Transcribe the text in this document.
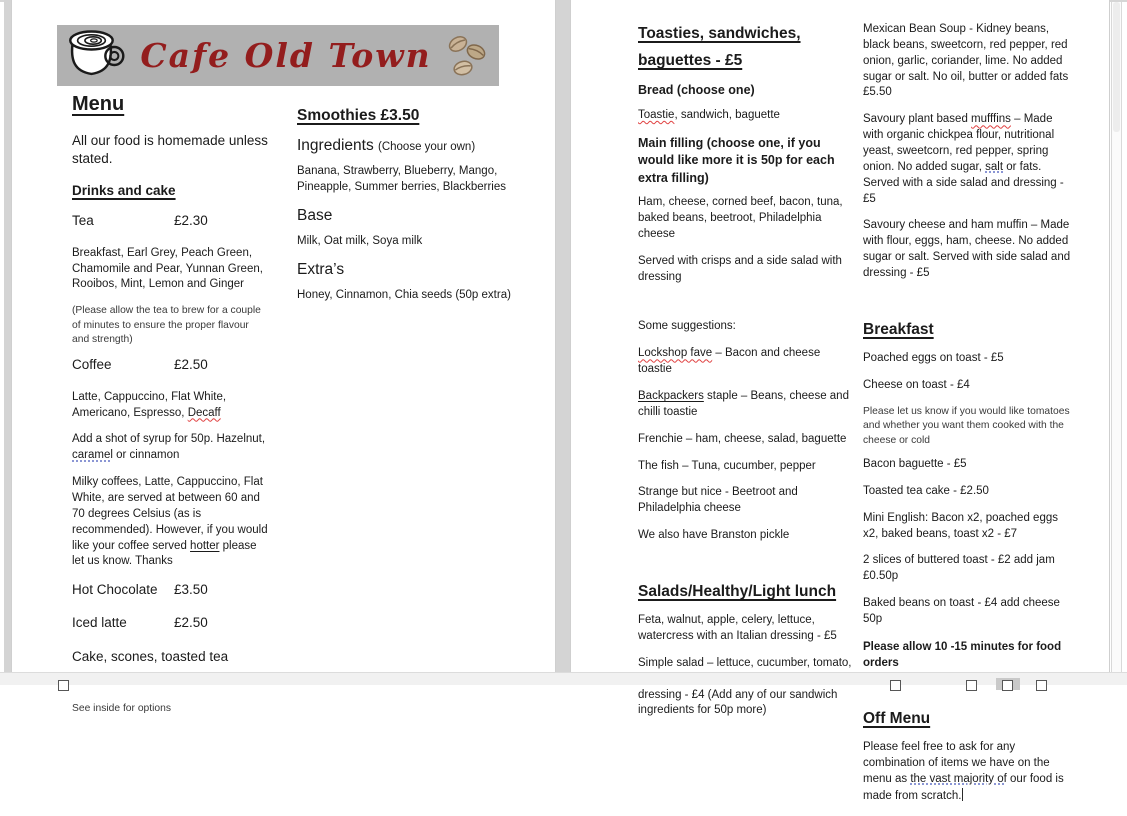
Cafe Old Town
Menu
All our food is homemade unless stated.
Drinks and cake
Tea	£2.30
Breakfast, Earl Grey, Peach Green, Chamomile and Pear, Yunnan Green, Rooibos, Mint, Lemon and Ginger
(Please allow the tea to brew for a couple of minutes to ensure the proper flavour and strength)
Coffee	£2.50
Latte, Cappuccino, Flat White, Americano, Espresso, Decaff
Add a shot of syrup for 50p. Hazelnut, caramel or cinnamon
Milky coffees, Latte, Cappuccino, Flat White, are served at between 60 and 70 degrees Celsius (as is recommended). However, if you would like your coffee served hotter please let us know. Thanks
Hot Chocolate £3.50
Iced latte	£2.50
Cake, scones, toasted tea
See inside for options
Smoothies £3.50
Ingredients (Choose your own)
Banana, Strawberry, Blueberry, Mango, Pineapple, Summer berries, Blackberries
Base
Milk, Oat milk, Soya milk
Extra’s
Honey, Cinnamon, Chia seeds (50p extra)
Toasties, sandwiches, baguettes - £5
Bread (choose one)
Toastie, sandwich, baguette
Main filling (choose one, if you would like more it is 50p for each extra filling)
Ham, cheese, corned beef, bacon, tuna, baked beans, beetroot, Philadelphia cheese
Served with crisps and a side salad with dressing
Some suggestions:
Lockshop fave – Bacon and cheese toastie
Backpackers staple – Beans, cheese and chilli toastie
Frenchie – ham, cheese, salad, baguette
The fish – Tuna, cucumber, pepper
Strange but nice - Beetroot and Philadelphia cheese
We also have Branston pickle
Salads/Healthy/Light lunch
Feta, walnut, apple, celery, lettuce, watercress with an Italian dressing - £5
Simple salad – lettuce, cucumber, tomato, dressing - £4 (Add any of our sandwich ingredients for 50p more)
Mexican Bean Soup - Kidney beans, black beans, sweetcorn, red pepper, red onion, garlic, coriander, lime. No added sugar or salt. No oil, butter or added fats £5.50
Savoury plant based mufffins – Made with organic chickpea flour, nutritional yeast, sweetcorn, red pepper, spring onion. No added sugar, salt or fats. Served with a side salad and dressing - £5
Savoury cheese and ham muffin – Made with flour, eggs, ham, cheese. No added sugar or salt. Served with side salad and dressing - £5
Breakfast
Poached eggs on toast - £5
Cheese on toast - £4
Please let us know if you would like tomatoes and whether you want them cooked with the cheese or cold
Bacon baguette - £5
Toasted tea cake - £2.50
Mini English: Bacon x2, poached eggs x2, baked beans, toast x2 - £7
2 slices of buttered toast - £2 add jam £0.50p
Baked beans on toast - £4 add cheese 50p
Please allow 10 -15 minutes for food orders
Off Menu
Please feel free to ask for any combination of items we have on the menu as the vast majority of our food is made from scratch.
